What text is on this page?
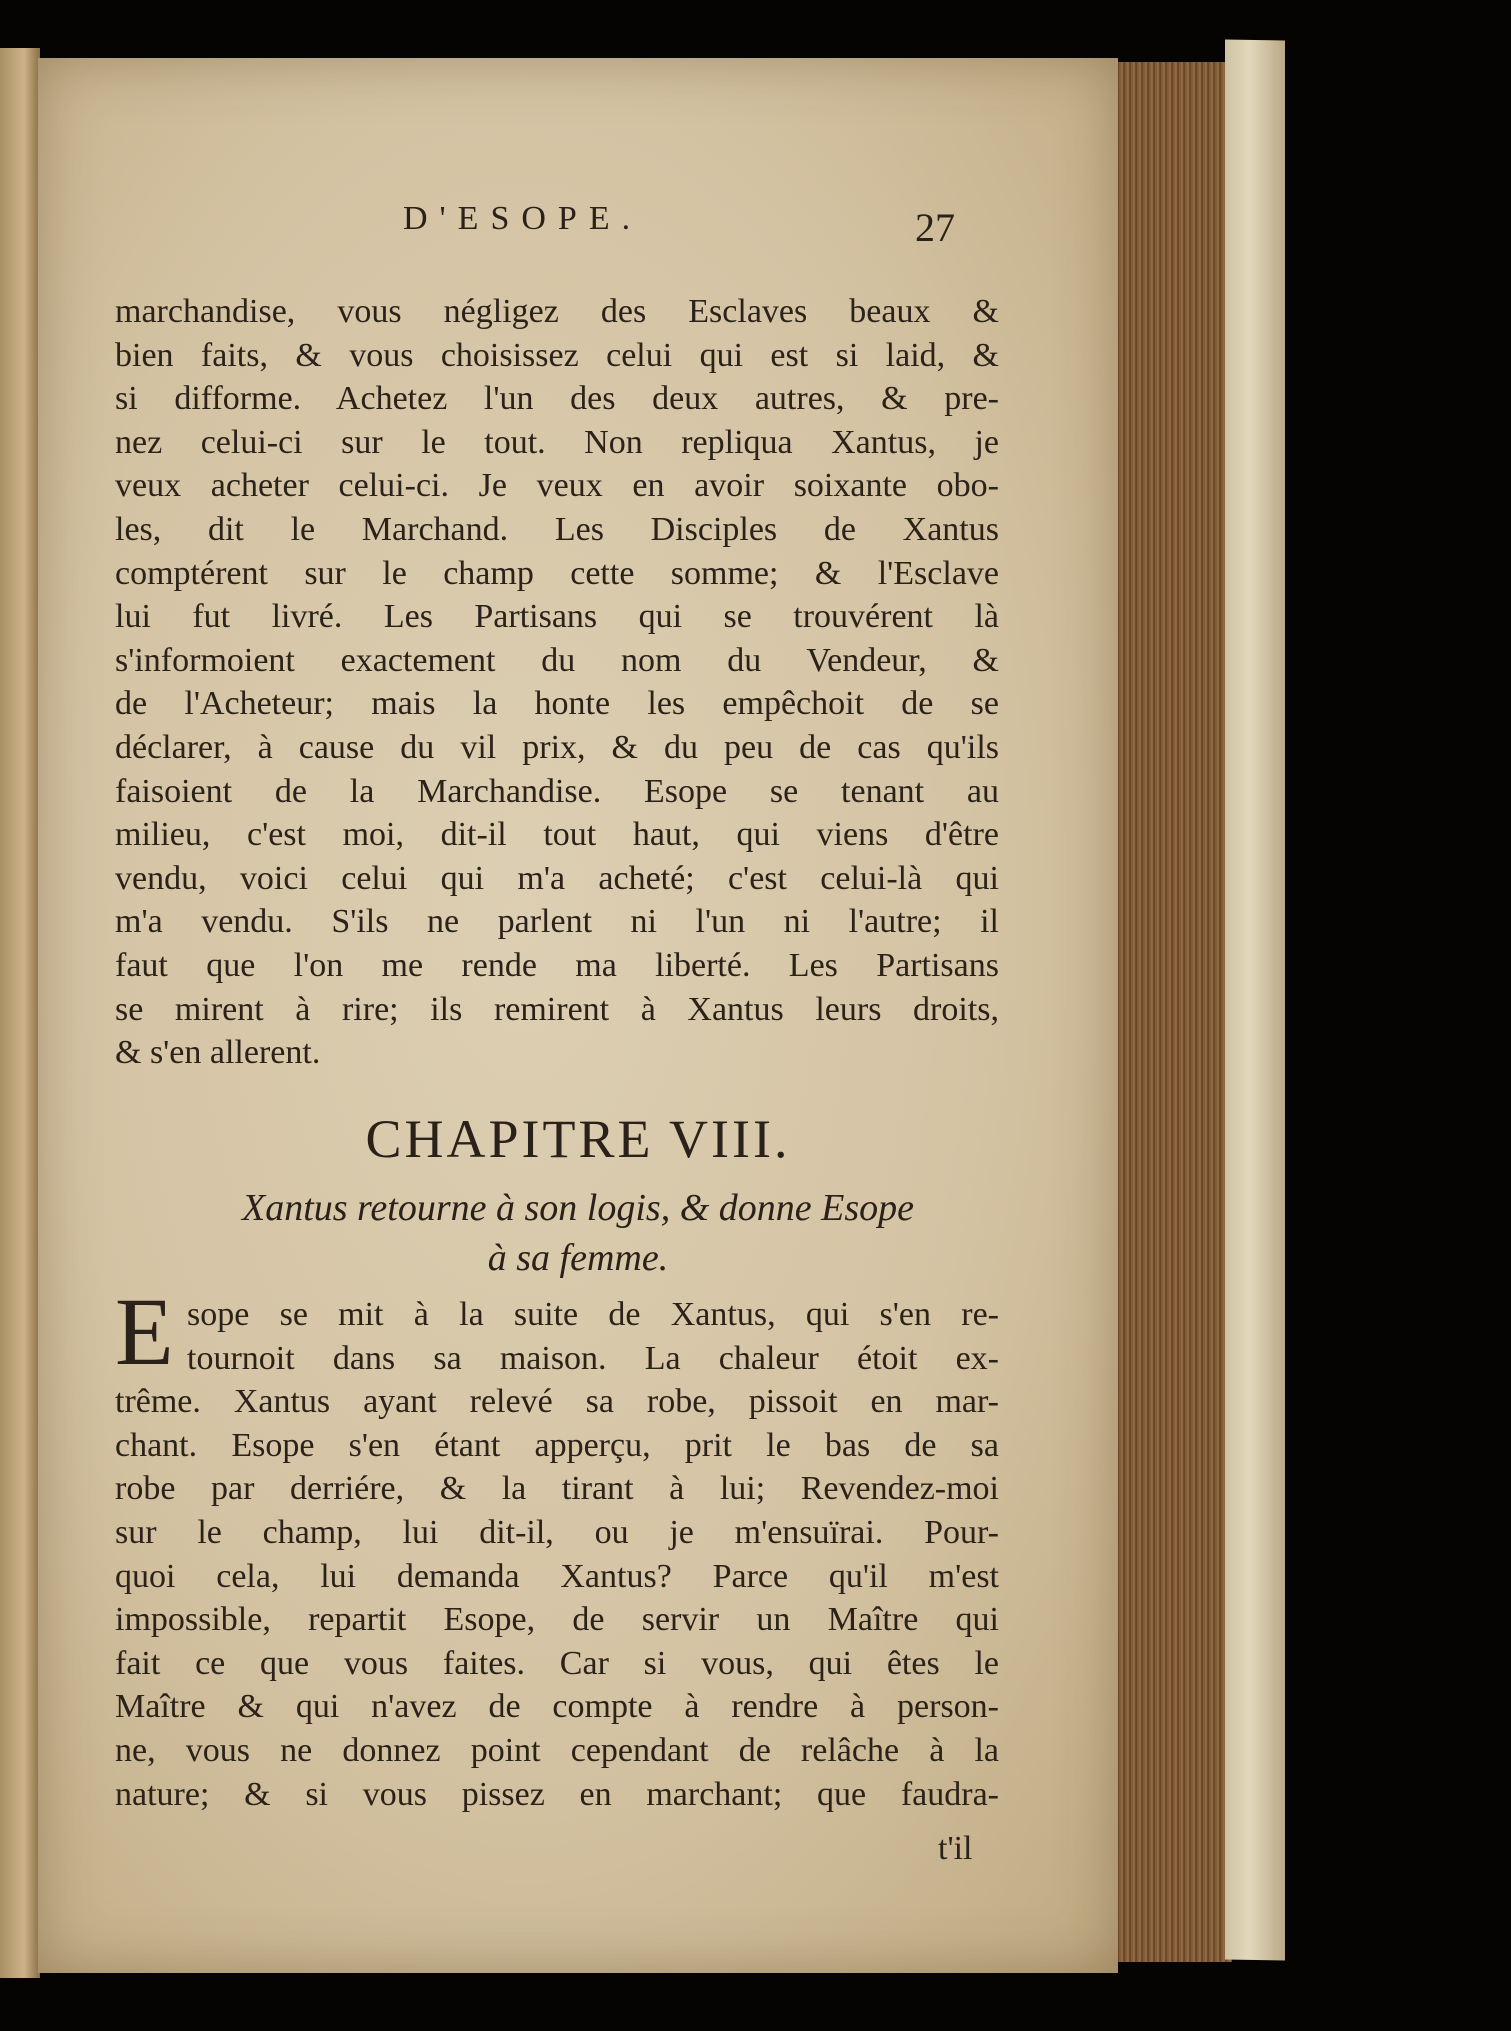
D'ESOPE.	27
marchandise, vous négligez des Esclaves beaux &
bien faits, & vous choisissez celui qui est si laid, &
si difforme. Achetez l'un des deux autres, & pre-
nez celui-ci sur le tout. Non repliqua Xantus, je
veux acheter celui-ci. Je veux en avoir soixante obo-
les, dit le Marchand. Les Disciples de Xantus
comptérent sur le champ cette somme; & l'Esclave
lui fut livré. Les Partisans qui se trouvérent là
s'informoient exactement du nom du Vendeur, &
de l'Acheteur; mais la honte les empêchoit de se
déclarer, à cause du vil prix, & du peu de cas qu'ils
faisoient de la Marchandise. Esope se tenant au
milieu, c'est moi, dit-il tout haut, qui viens d'être
vendu, voici celui qui m'a acheté; c'est celui-là qui
m'a vendu. S'ils ne parlent ni l'un ni l'autre; il
faut que l'on me rende ma liberté. Les Partisans
se mirent à rire; ils remirent à Xantus leurs droits,
& s'en allerent.
CHAPITRE VIII.
Xantus retourne à son logis, & donne Esope
à sa femme.
E sope se mit à la suite de Xantus, qui s'en re-
tournoit dans sa maison. La chaleur étoit ex-
trême. Xantus ayant relevé sa robe, pissoit en mar-
chant. Esope s'en étant apperçu, prit le bas de sa
robe par derriére, & la tirant à lui; Revendez-moi
sur le champ, lui dit-il, ou je m'ensuïrai. Pour-
quoi cela, lui demanda Xantus? Parce qu'il m'est
impossible, repartit Esope, de servir un Maître qui
fait ce que vous faites. Car si vous, qui êtes le
Maître & qui n'avez de compte à rendre à person-
ne, vous ne donnez point cependant de relâche à la
nature; & si vous pissez en marchant; que faudra-
t'il
